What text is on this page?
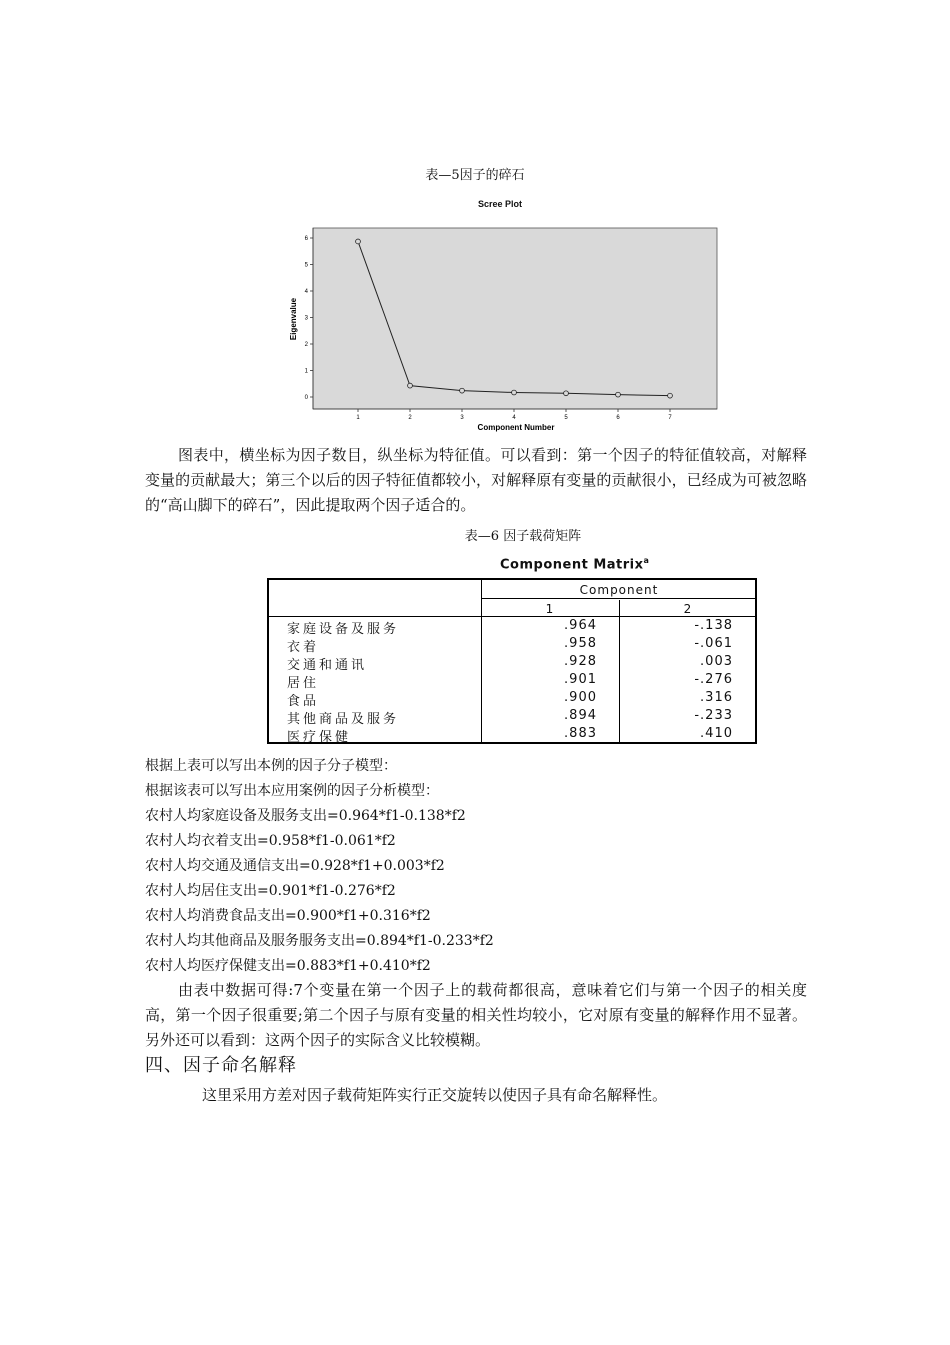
表—5因子的碎石
Scree Plot
0
1
2
3
4
5
6
1	2	3	4	5	6	7
Eigenvalue
Component Number
图表中，横坐标为因子数目，纵坐标为特征值。可以看到：第一个因子的特征值较高，对解释变量的贡献最大；第三个以后的因子特征值都较小，对解释原有变量的贡献很小，已经成为可被忽略的“高山脚下的碎石”，因此提取两个因子适合的。
表—6 因子载荷矩阵
Component Matrix$^a$
Component
1	2
家庭设备及服务	.964	-.138
衣着	.958	-.061
交通和通讯	.928	.003
居住	.901	-.276
食品	.900	.316
其他商品及服务	.894	-.233
医疗保健	.883	.410
根据上表可以写出本例的因子分子模型：
根据该表可以写出本应用案例的因子分析模型：
农村人均家庭设备及服务支出=0.964*f1-0.138*f2
农村人均衣着支出=0.958*f1-0.061*f2
农村人均交通及通信支出=0.928*f1+0.003*f2
农村人均居住支出=0.901*f1-0.276*f2
农村人均消费食品支出=0.900*f1+0.316*f2
农村人均其他商品及服务服务支出=0.894*f1-0.233*f2
农村人均医疗保健支出=0.883*f1+0.410*f2
由表中数据可得:7个变量在第一个因子上的载荷都很高，意味着它们与第一个因子的相关度高，第一个因子很重要;第二个因子与原有变量的相关性均较小，它对原有变量的解释作用不显著。另外还可以看到：这两个因子的实际含义比较模糊。
四、因子命名解释
这里采用方差对因子载荷矩阵实行正交旋转以使因子具有命名解释性。
